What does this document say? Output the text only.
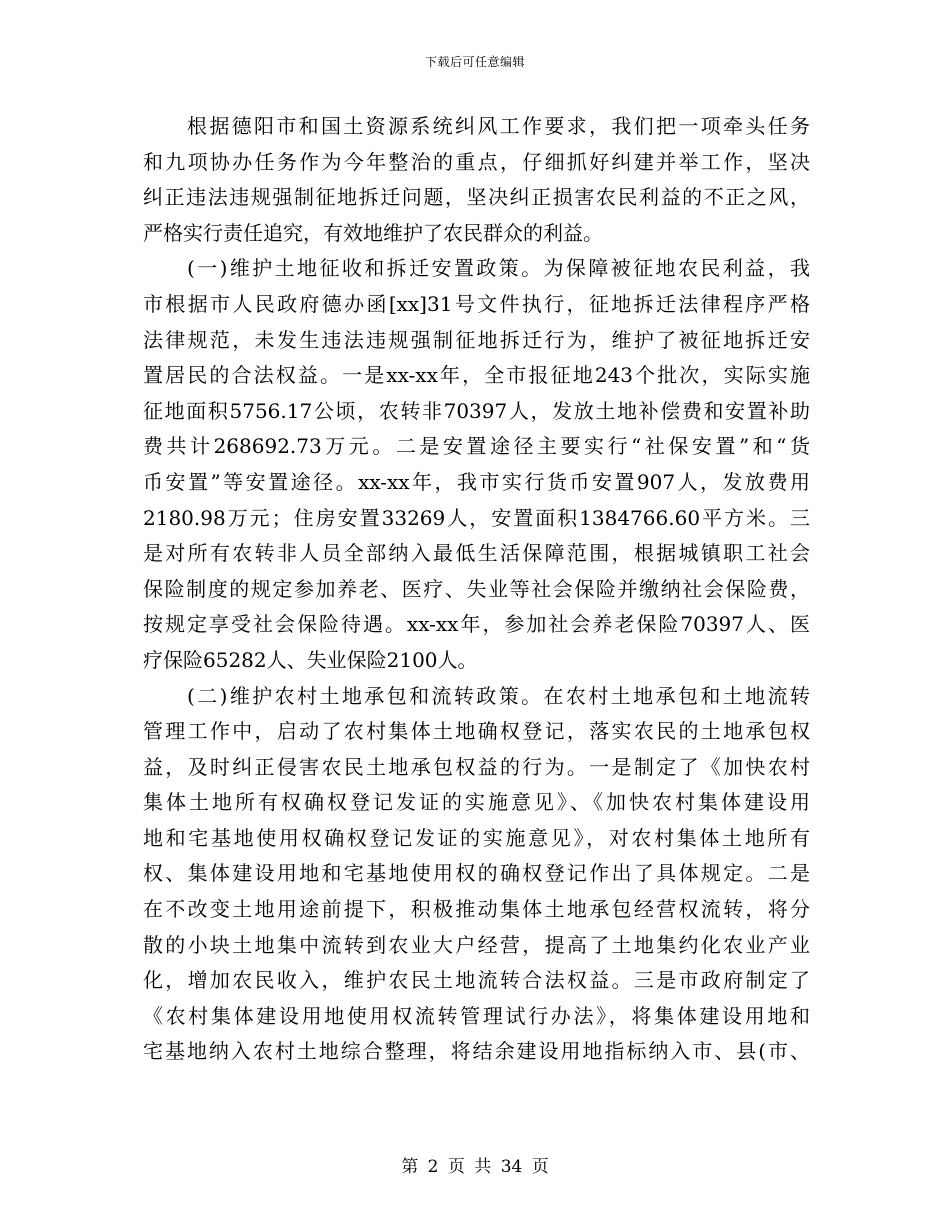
下载后可任意编辑
根据德阳市和国土资源系统纠风工作要求，我们把一项牵头任务
和九项协办任务作为今年整治的重点，仔细抓好纠建并举工作，坚决
纠正违法违规强制征地拆迁问题，坚决纠正损害农民利益的不正之风，
严格实行责任追究，有效地维护了农民群众的利益。
(一)维护土地征收和拆迁安置政策。为保障被征地农民利益，我
市根据市人民政府德办函[xx]31号文件执行，征地拆迁法律程序严格
法律规范，未发生违法违规强制征地拆迁行为，维护了被征地拆迁安
置居民的合法权益。一是xx-xx年，全市报征地243个批次，实际实施
征地面积5756.17公顷，农转非70397人，发放土地补偿费和安置补助
费共计268692.73万元。二是安置途径主要实行“社保安置”和“货
币安置”等安置途径。xx-xx年，我市实行货币安置907人，发放费用
2180.98万元；住房安置33269人，安置面积1384766.60平方米。三
是对所有农转非人员全部纳入最低生活保障范围，根据城镇职工社会
保险制度的规定参加养老、医疗、失业等社会保险并缴纳社会保险费，
按规定享受社会保险待遇。xx-xx年，参加社会养老保险70397人、医
疗保险65282人、失业保险2100人。
(二)维护农村土地承包和流转政策。在农村土地承包和土地流转
管理工作中，启动了农村集体土地确权登记，落实农民的土地承包权
益，及时纠正侵害农民土地承包权益的行为。一是制定了《加快农村
集体土地所有权确权登记发证的实施意见》、《加快农村集体建设用
地和宅基地使用权确权登记发证的实施意见》，对农村集体土地所有
权、集体建设用地和宅基地使用权的确权登记作出了具体规定。二是
在不改变土地用途前提下，积极推动集体土地承包经营权流转，将分
散的小块土地集中流转到农业大户经营，提高了土地集约化农业产业
化，增加农民收入，维护农民土地流转合法权益。三是市政府制定了
《农村集体建设用地使用权流转管理试行办法》，将集体建设用地和
宅基地纳入农村土地综合整理，将结余建设用地指标纳入市、县(市、
第 2 页 共 34 页
